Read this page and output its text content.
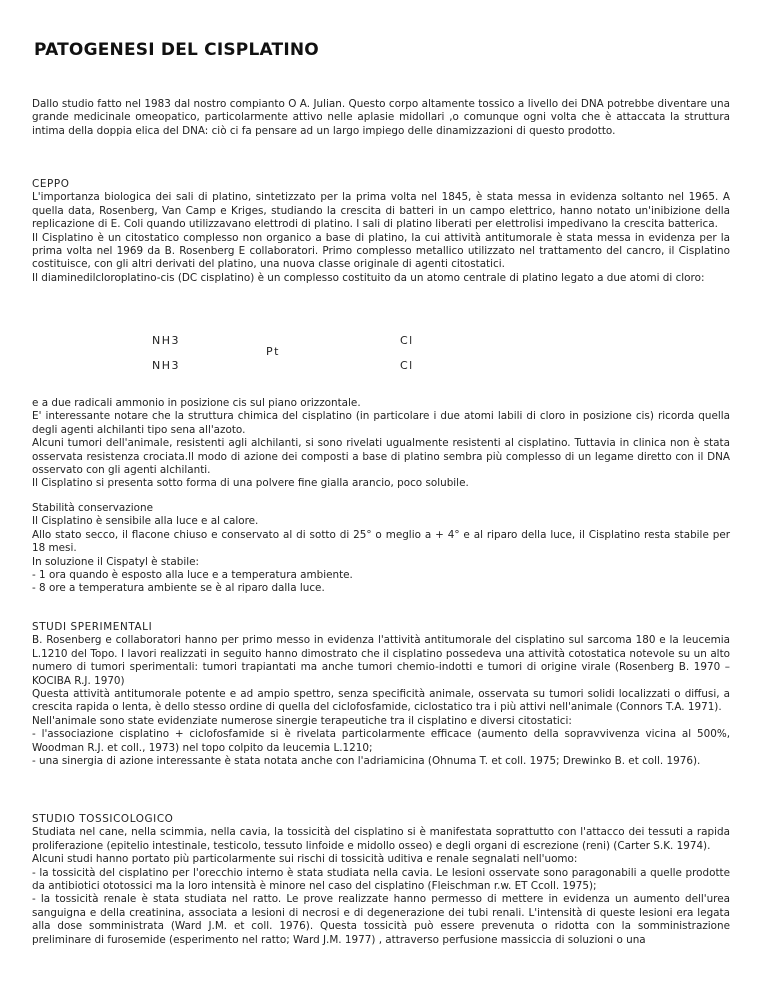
PATOGENESI DEL CISPLATINO

Dallo studio fatto nel 1983 dal nostro compianto O A. Julian. Questo corpo altamente tossico a livello dei DNA potrebbe diventare una grande medicinale omeopatico, particolarmente attivo nelle aplasie midollari ,o comunque ogni volta che è attaccata la struttura intima della doppia elica del DNA: ciò ci fa pensare ad un largo impiego delle dinamizzazioni di questo prodotto.

CEPPO

L'importanza biologica dei sali di platino, sintetizzato per la prima volta nel 1845, è stata messa in evidenza soltanto nel 1965. A quella data, Rosenberg, Van Camp e Kriges, studiando la crescita di batteri in un campo elettrico, hanno notato un'inibizione della replicazione di E. Coli quando utilizzavano elettrodi di platino. I sali di platino liberati per elettrolisi impedivano la crescita batterica.

Il Cisplatino è un citostatico complesso non organico a base di platino, la cui attività antitumorale è stata messa in evidenza per la prima volta nel 1969 da B. Rosenberg E collaboratori. Primo complesso metallico utilizzato nel trattamento del cancro, il Cisplatino costituisce, con gli altri derivati del platino, una nuova classe originale di agenti citostatici.

Il diaminedilcloroplatino-cis (DC cisplatino) è un complesso costituito da un atomo centrale di platino legato a due atomi di cloro:

NH3
NH3
Pt
Cl
Cl

e a due radicali ammonio in posizione cis sul piano orizzontale.

E' interessante notare che la struttura chimica del cisplatino (in particolare i due atomi labili di cloro in posizione cis) ricorda quella degli agenti alchilanti tipo sena all'azoto.

Alcuni tumori dell'animale, resistenti agli alchilanti, si sono rivelati ugualmente resistenti al cisplatino. Tuttavia in clinica non è stata osservata resistenza crociata.Il modo di azione dei composti a base di platino sembra più complesso di un legame diretto con il DNA osservato con gli agenti alchilanti.

Il Cisplatino si presenta sotto forma di una polvere fine gialla arancio, poco solubile.

Stabilità conservazione

Il Cisplatino è sensibile alla luce e al calore.

Allo stato secco, il flacone chiuso e conservato al di sotto di 25° o meglio a + 4° e al riparo della luce, il Cisplatino resta stabile per 18 mesi.

In soluzione il Cispatyl è stabile:

- 1 ora quando è esposto alla luce e a temperatura ambiente.

- 8 ore a temperatura ambiente se è al riparo dalla luce.

STUDI SPERIMENTALI

B. Rosenberg e collaboratori hanno per primo messo in evidenza l'attività antitumorale del cisplatino sul sarcoma 180 e la leucemia L.1210 del Topo. I lavori realizzati in seguito hanno dimostrato che il cisplatino possedeva una attività cotostatica notevole su un alto numero di tumori sperimentali: tumori trapiantati ma anche tumori chemio-indotti e tumori di origine virale (Rosenberg B. 1970 – KOCIBA R.J. 1970)

Questa attività antitumorale potente e ad ampio spettro, senza specificità animale, osservata su tumori solidi localizzati o diffusi, a crescita rapida o lenta, è dello stesso ordine di quella del ciclofosfamide, ciclostatico tra i più attivi nell'animale (Connors T.A. 1971).

Nell'animale sono state evidenziate numerose sinergie terapeutiche tra il cisplatino e diversi citostatici:

- l'associazione cisplatino + ciclofosfamide si è rivelata particolarmente efficace (aumento della sopravvivenza vicina al 500%, Woodman R.J. et coll., 1973) nel topo colpito da leucemia L.1210;

- una sinergia di azione interessante è stata notata anche con l'adriamicina (Ohnuma T. et coll. 1975; Drewinko B. et coll. 1976).

STUDIO TOSSICOLOGICO

Studiata nel cane, nella scimmia, nella cavia, la tossicità del cisplatino si è manifestata soprattutto con l'attacco dei tessuti a rapida proliferazione (epitelio intestinale, testicolo, tessuto linfoide e midollo osseo) e degli organi di escrezione (reni) (Carter S.K. 1974).

Alcuni studi hanno portato più particolarmente sui rischi di tossicità uditiva e renale segnalati nell'uomo:

- la tossicità del cisplatino per l'orecchio interno è stata studiata nella cavia. Le lesioni osservate sono paragonabili a quelle prodotte da antibiotici ototossici ma la loro intensità è minore nel caso del cisplatino (Fleischman r.w. ET Ccoll. 1975);

- la tossicità renale è stata studiata nel ratto. Le prove realizzate hanno permesso di mettere in evidenza un aumento dell'urea sanguigna e della creatinina, associata a lesioni di necrosi e di degenerazione dei tubi renali. L'intensità di queste lesioni era legata alla dose somministrata (Ward J.M. et coll. 1976). Questa tossicità può essere prevenuta o ridotta con la somministrazione preliminare di furosemide (esperimento nel ratto; Ward J.M. 1977) , attraverso perfusione massiccia di soluzioni o una
